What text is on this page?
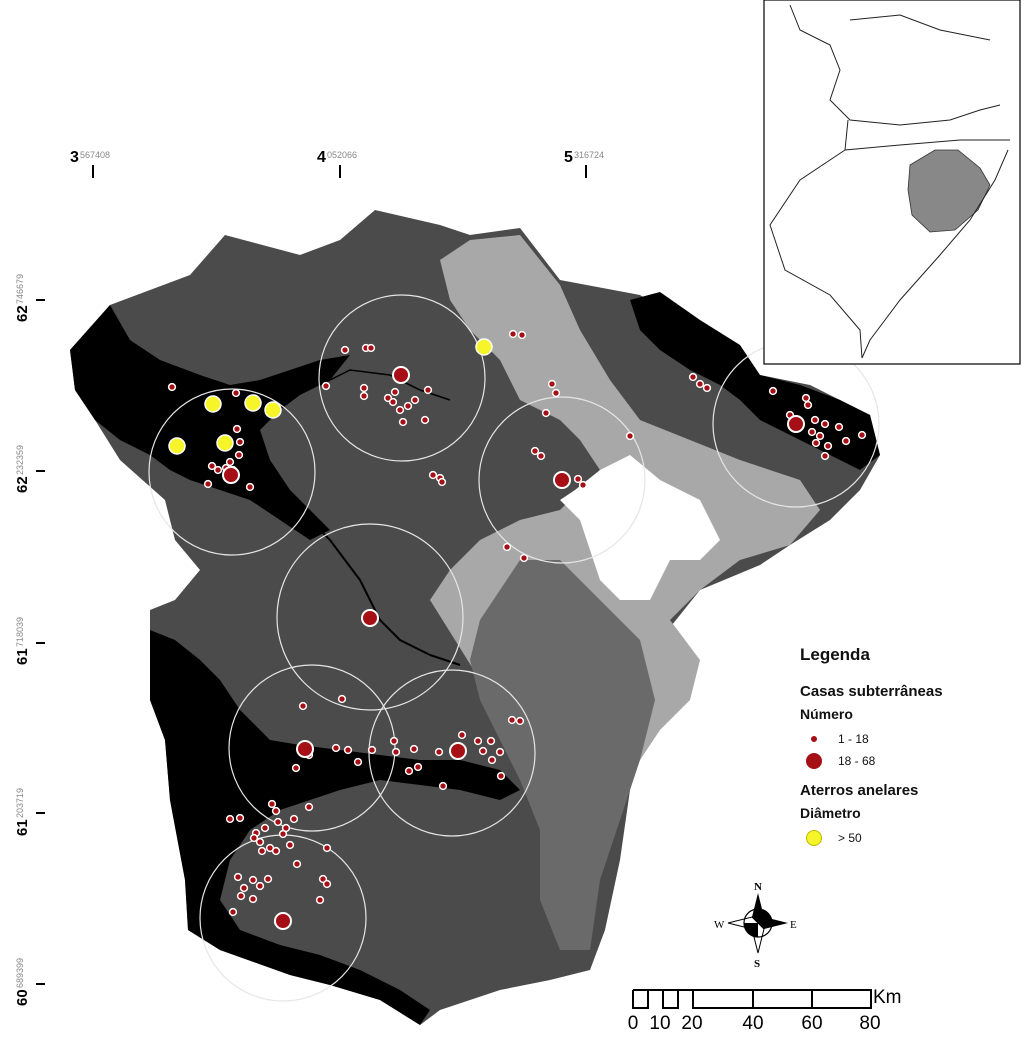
3 567408	4 052066	5 316724
62
746679
62
232359
61
718039
61
203719
60
689399
N
S
E
W
Km
0 10 20 40 60 80
Legenda
Casas subterrâneas
Número
1 - 18
18 - 68
Aterros anelares
Diâmetro
> 50
